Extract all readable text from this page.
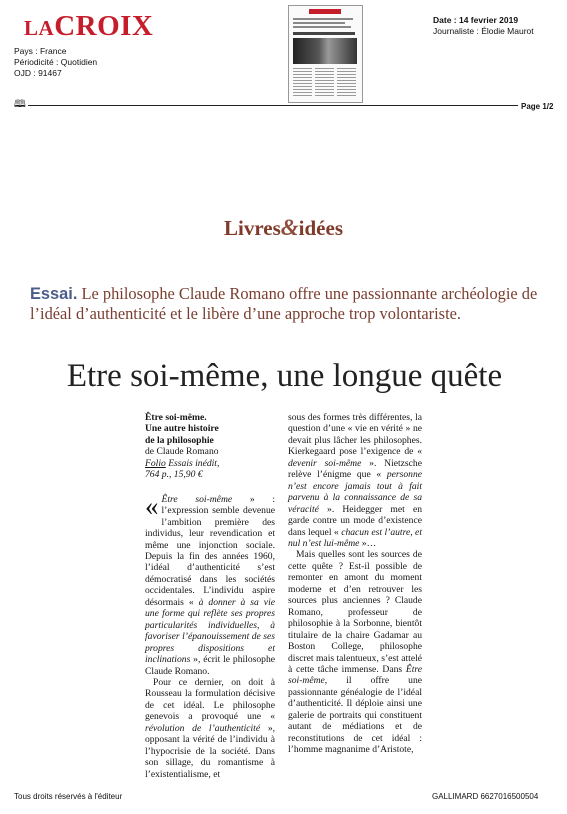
LACROIX
Pays : France
Périodicité : Quotidien
OJD : 91467
Date : 14 fevrier 2019
Journaliste : Élodie Maurot
🕮	Page 1/2
Livres&idées
Essai. Le philosophe Claude Romano offre une passionnante archéologie de l’idéal d’authenticité et le libère d’une approche trop volontariste.
Etre soi-même, une longue quête
Être soi-même.
Une autre histoire
de la philosophie
de Claude Romano
Folio Essais inédit,
764 p., 15,90 €

« Être soi-même » : l’expression semble devenue l’ambition première des individus, leur revendication et même une injonction sociale. Depuis la fin des années 1960, l’idéal d’authenticité s’est démocratisé dans les sociétés occidentales. L’individu aspire désormais « à donner à sa vie une forme qui reflète ses propres particularités individuelles, à favoriser l’épanouissement de ses propres dispositions et inclinations », écrit le philosophe Claude Romano.

Pour ce dernier, on doit à Rousseau la formulation décisive de cet idéal. Le philosophe genevois a provoqué une « révolution de l’authenticité », opposant la vérité de l’individu à l’hypocrisie de la société. Dans son sillage, du romantisme à l’existentialisme, et

sous des formes très différentes, la question d’une « vie en vérité » ne devait plus lâcher les philosophes. Kierkegaard pose l’exigence de « devenir soi-même ». Nietzsche relève l’énigme que « personne n’est encore jamais tout à fait parvenu à la connaissance de sa véracité ». Heidegger met en garde contre un mode d’existence dans lequel « chacun est l’autre, et nul n’est lui-même »…

Mais quelles sont les sources de cette quête ? Est-il possible de remonter en amont du moment moderne et d’en retrouver les sources plus anciennes ? Claude Romano, professeur de philosophie à la Sorbonne, bientôt titulaire de la chaire Gadamar au Boston College, philosophe discret mais talentueux, s’est attelé à cette tâche immense. Dans Être soi-même, il offre une passionnante généalogie de l’idéal d’authenticité. Il déploie ainsi une galerie de portraits qui constituent autant de médiations et de reconstitutions de cet idéal : l’homme magnanime d’Aristote,

Tous droits réservés à l'éditeur	GALLIMARD 6627016500504
